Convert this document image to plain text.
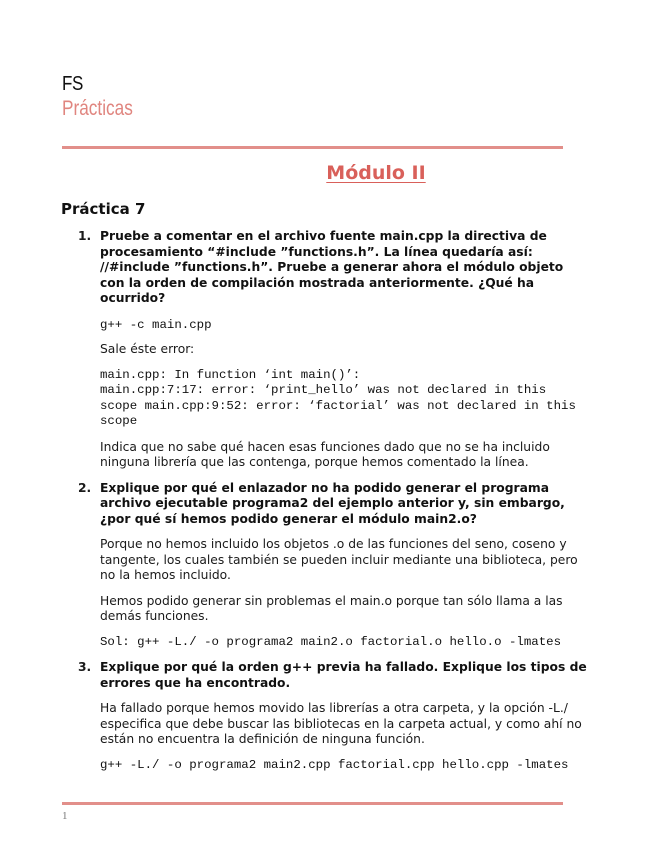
FS
Prácticas
Módulo II
Práctica 7
1. Pruebe a comentar en el archivo fuente main.cpp la directiva de procesamiento “#include ”functions.h”. La línea quedaría así: //#include ”functions.h”. Pruebe a generar ahora el módulo objeto con la orden de compilación mostrada anteriormente. ¿Qué ha ocurrido?

g++ -c main.cpp

Sale éste error:

main.cpp: In function ‘int main()’:
main.cpp:7:17: error: ‘print_hello’ was not declared in this scope main.cpp:9:52: error: ‘factorial’ was not declared in this scope

Indica que no sabe qué hacen esas funciones dado que no se ha incluido ninguna librería que las contenga, porque hemos comentado la línea.

2. Explique por qué el enlazador no ha podido generar el programa archivo ejecutable programa2 del ejemplo anterior y, sin embargo, ¿por qué sí hemos podido generar el módulo main2.o?

Porque no hemos incluido los objetos .o de las funciones del seno, coseno y tangente, los cuales también se pueden incluir mediante una biblioteca, pero no la hemos incluido.

Hemos podido generar sin problemas el main.o porque tan sólo llama a las demás funciones.

Sol: g++ -L./ -o programa2 main2.o factorial.o hello.o -lmates

3. Explique por qué la orden g++ previa ha fallado. Explique los tipos de errores que ha encontrado.

Ha fallado porque hemos movido las librerías a otra carpeta, y la opción -L./ especifica que debe buscar las bibliotecas en la carpeta actual, y como ahí no están no encuentra la definición de ninguna función.

g++ -L./ -o programa2 main2.cpp factorial.cpp hello.cpp -lmates

1
